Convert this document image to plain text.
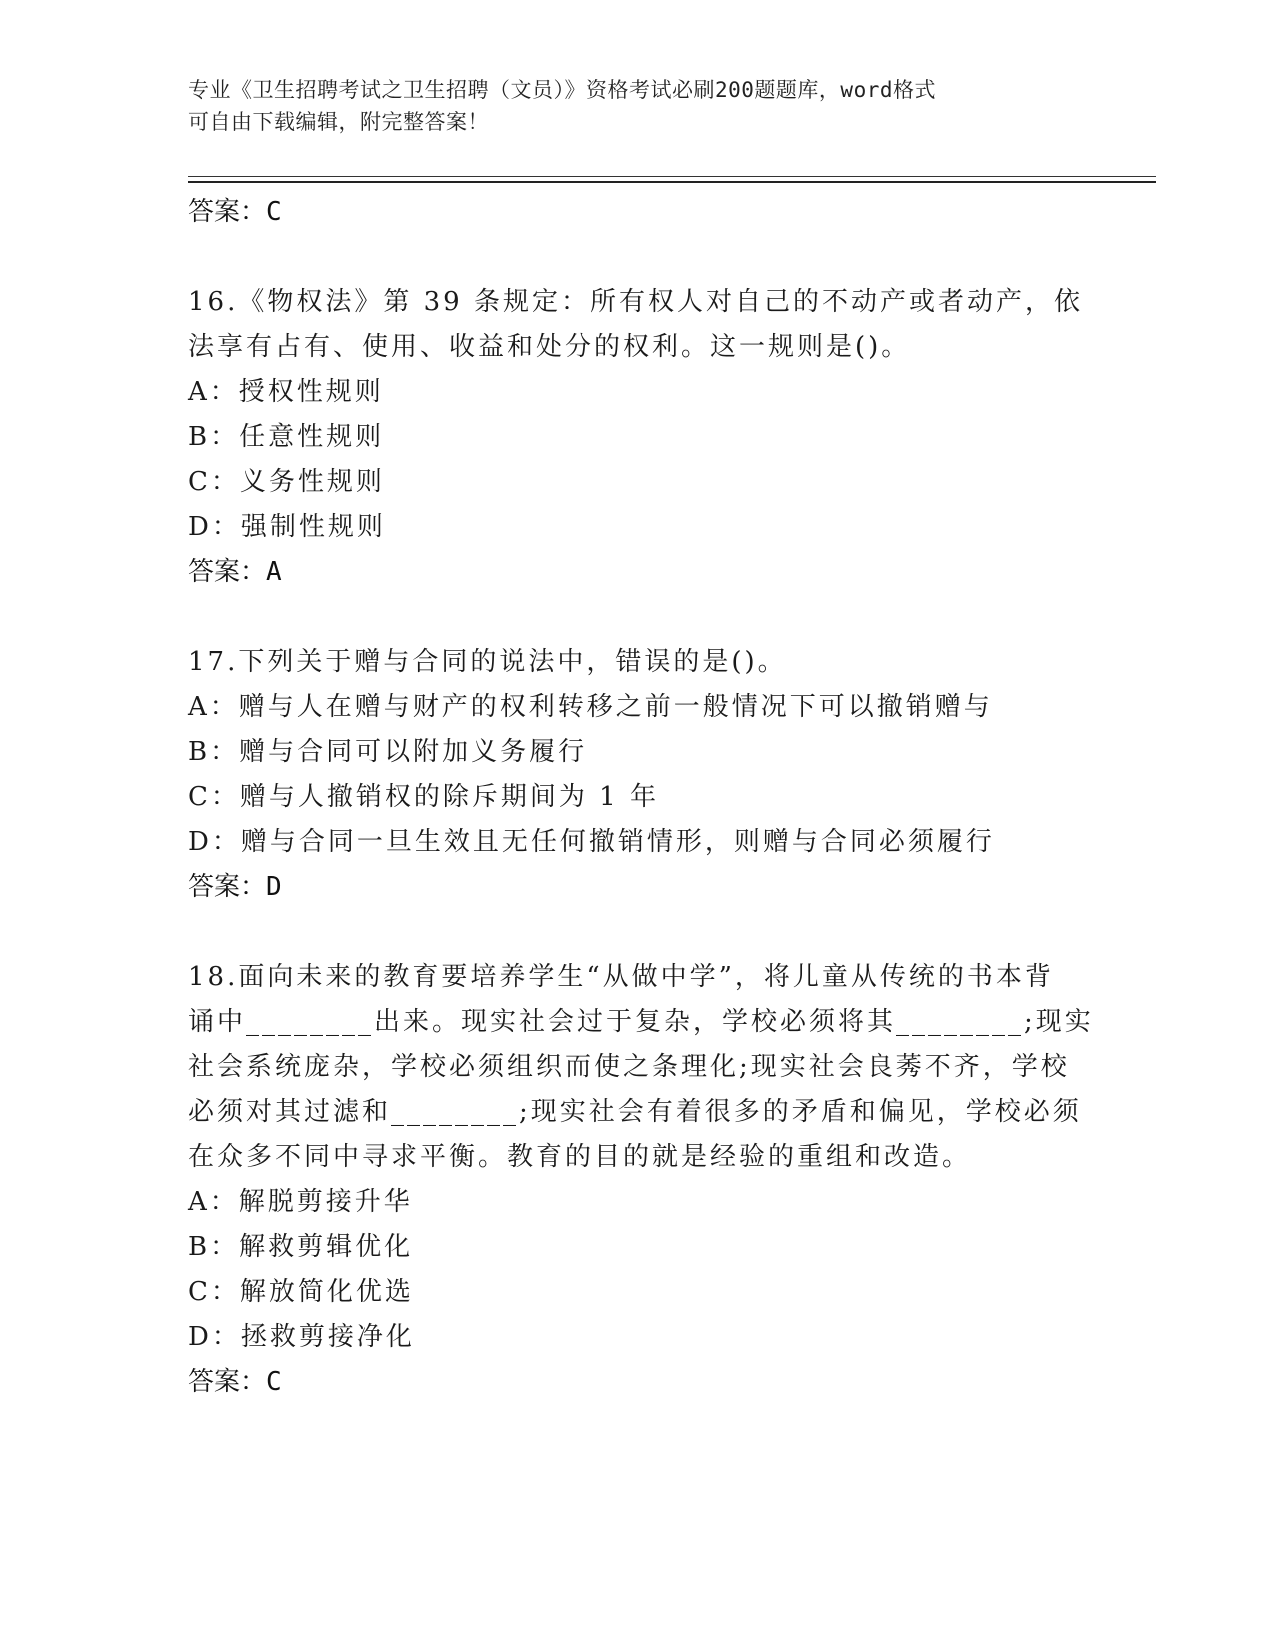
专业《卫生招聘考试之卫生招聘（文员）》资格考试必刷200题题库，word格式
可自由下载编辑，附完整答案！
答案：C
16.《物权法》第 39 条规定：所有权人对自己的不动产或者动产，依
法享有占有、使用、收益和处分的权利。这一规则是()。
A：授权性规则
B：任意性规则
C：义务性规则
D：强制性规则
答案：A
17.下列关于赠与合同的说法中，错误的是()。
A：赠与人在赠与财产的权利转移之前一般情况下可以撤销赠与
B：赠与合同可以附加义务履行
C：赠与人撤销权的除斥期间为 1 年
D：赠与合同一旦生效且无任何撤销情形，则赠与合同必须履行
答案：D
18.面向未来的教育要培养学生“从做中学”，将儿童从传统的书本背
诵中________出来。现实社会过于复杂，学校必须将其________;现实
社会系统庞杂，学校必须组织而使之条理化;现实社会良莠不齐，学校
必须对其过滤和________;现实社会有着很多的矛盾和偏见，学校必须
在众多不同中寻求平衡。教育的目的就是经验的重组和改造。
A：解脱剪接升华
B：解救剪辑优化
C：解放简化优选
D：拯救剪接净化
答案：C
